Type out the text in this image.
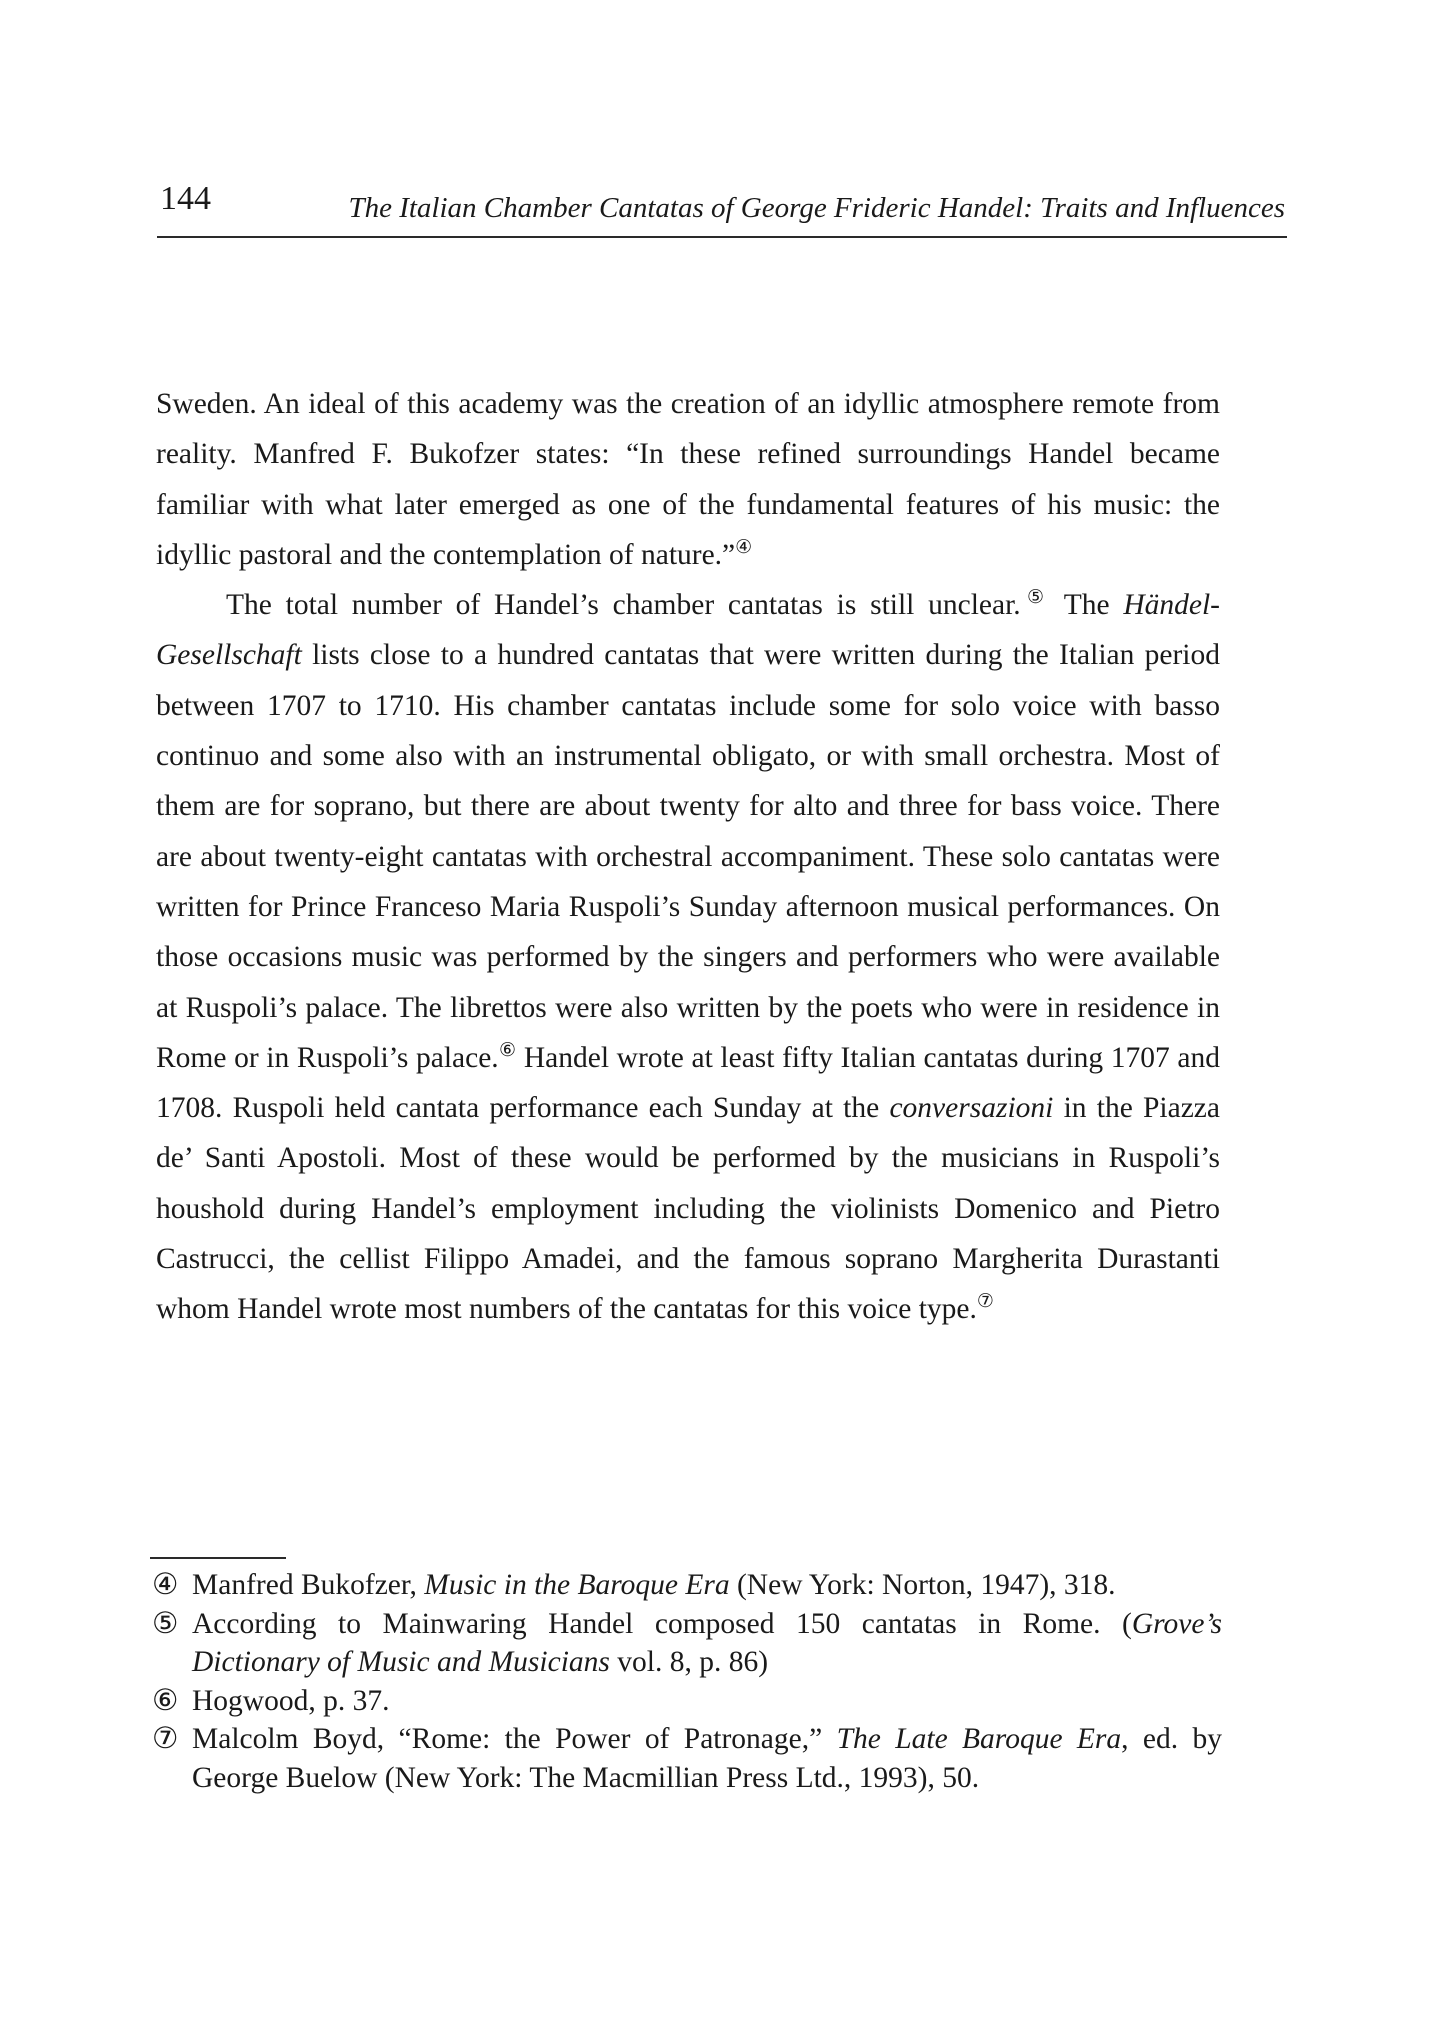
144	The Italian Chamber Cantatas of George Frideric Handel: Traits and Influences

Sweden. An ideal of this academy was the creation of an idyllic atmosphere remote from reality. Manfred F. Bukofzer states: “In these refined surroundings Handel became familiar with what later emerged as one of the fundamental features of his music: the idyllic pastoral and the contemplation of nature.”④

The total number of Handel’s chamber cantatas is still unclear.⑤ The Händel-Gesellschaft lists close to a hundred cantatas that were written during the Italian period between 1707 to 1710. His chamber cantatas include some for solo voice with basso continuo and some also with an instrumental obligato, or with small orchestra. Most of them are for soprano, but there are about twenty for alto and three for bass voice. There are about twenty-eight cantatas with orchestral accompaniment. These solo cantatas were written for Prince Franceso Maria Ruspoli’s Sunday afternoon musical performances. On those occasions music was performed by the singers and performers who were available at Ruspoli’s palace. The librettos were also written by the poets who were in residence in Rome or in Ruspoli’s palace.⑥ Handel wrote at least fifty Italian cantatas during 1707 and 1708. Ruspoli held cantata performance each Sunday at the conversazioni in the Piazza de’ Santi Apostoli. Most of these would be performed by the musicians in Ruspoli’s houshold during Handel’s employment including the violinists Domenico and Pietro Castrucci, the cellist Filippo Amadei, and the famous soprano Margherita Durastanti whom Handel wrote most numbers of the cantatas for this voice type.⑦

④ Manfred Bukofzer, Music in the Baroque Era (New York: Norton, 1947), 318.
⑤ According to Mainwaring Handel composed 150 cantatas in Rome. (Grove’s Dictionary of Music and Musicians vol. 8, p. 86)
⑥ Hogwood, p. 37.
⑦ Malcolm Boyd, “Rome: the Power of Patronage,” The Late Baroque Era, ed. by George Buelow (New York: The Macmillian Press Ltd., 1993), 50.
